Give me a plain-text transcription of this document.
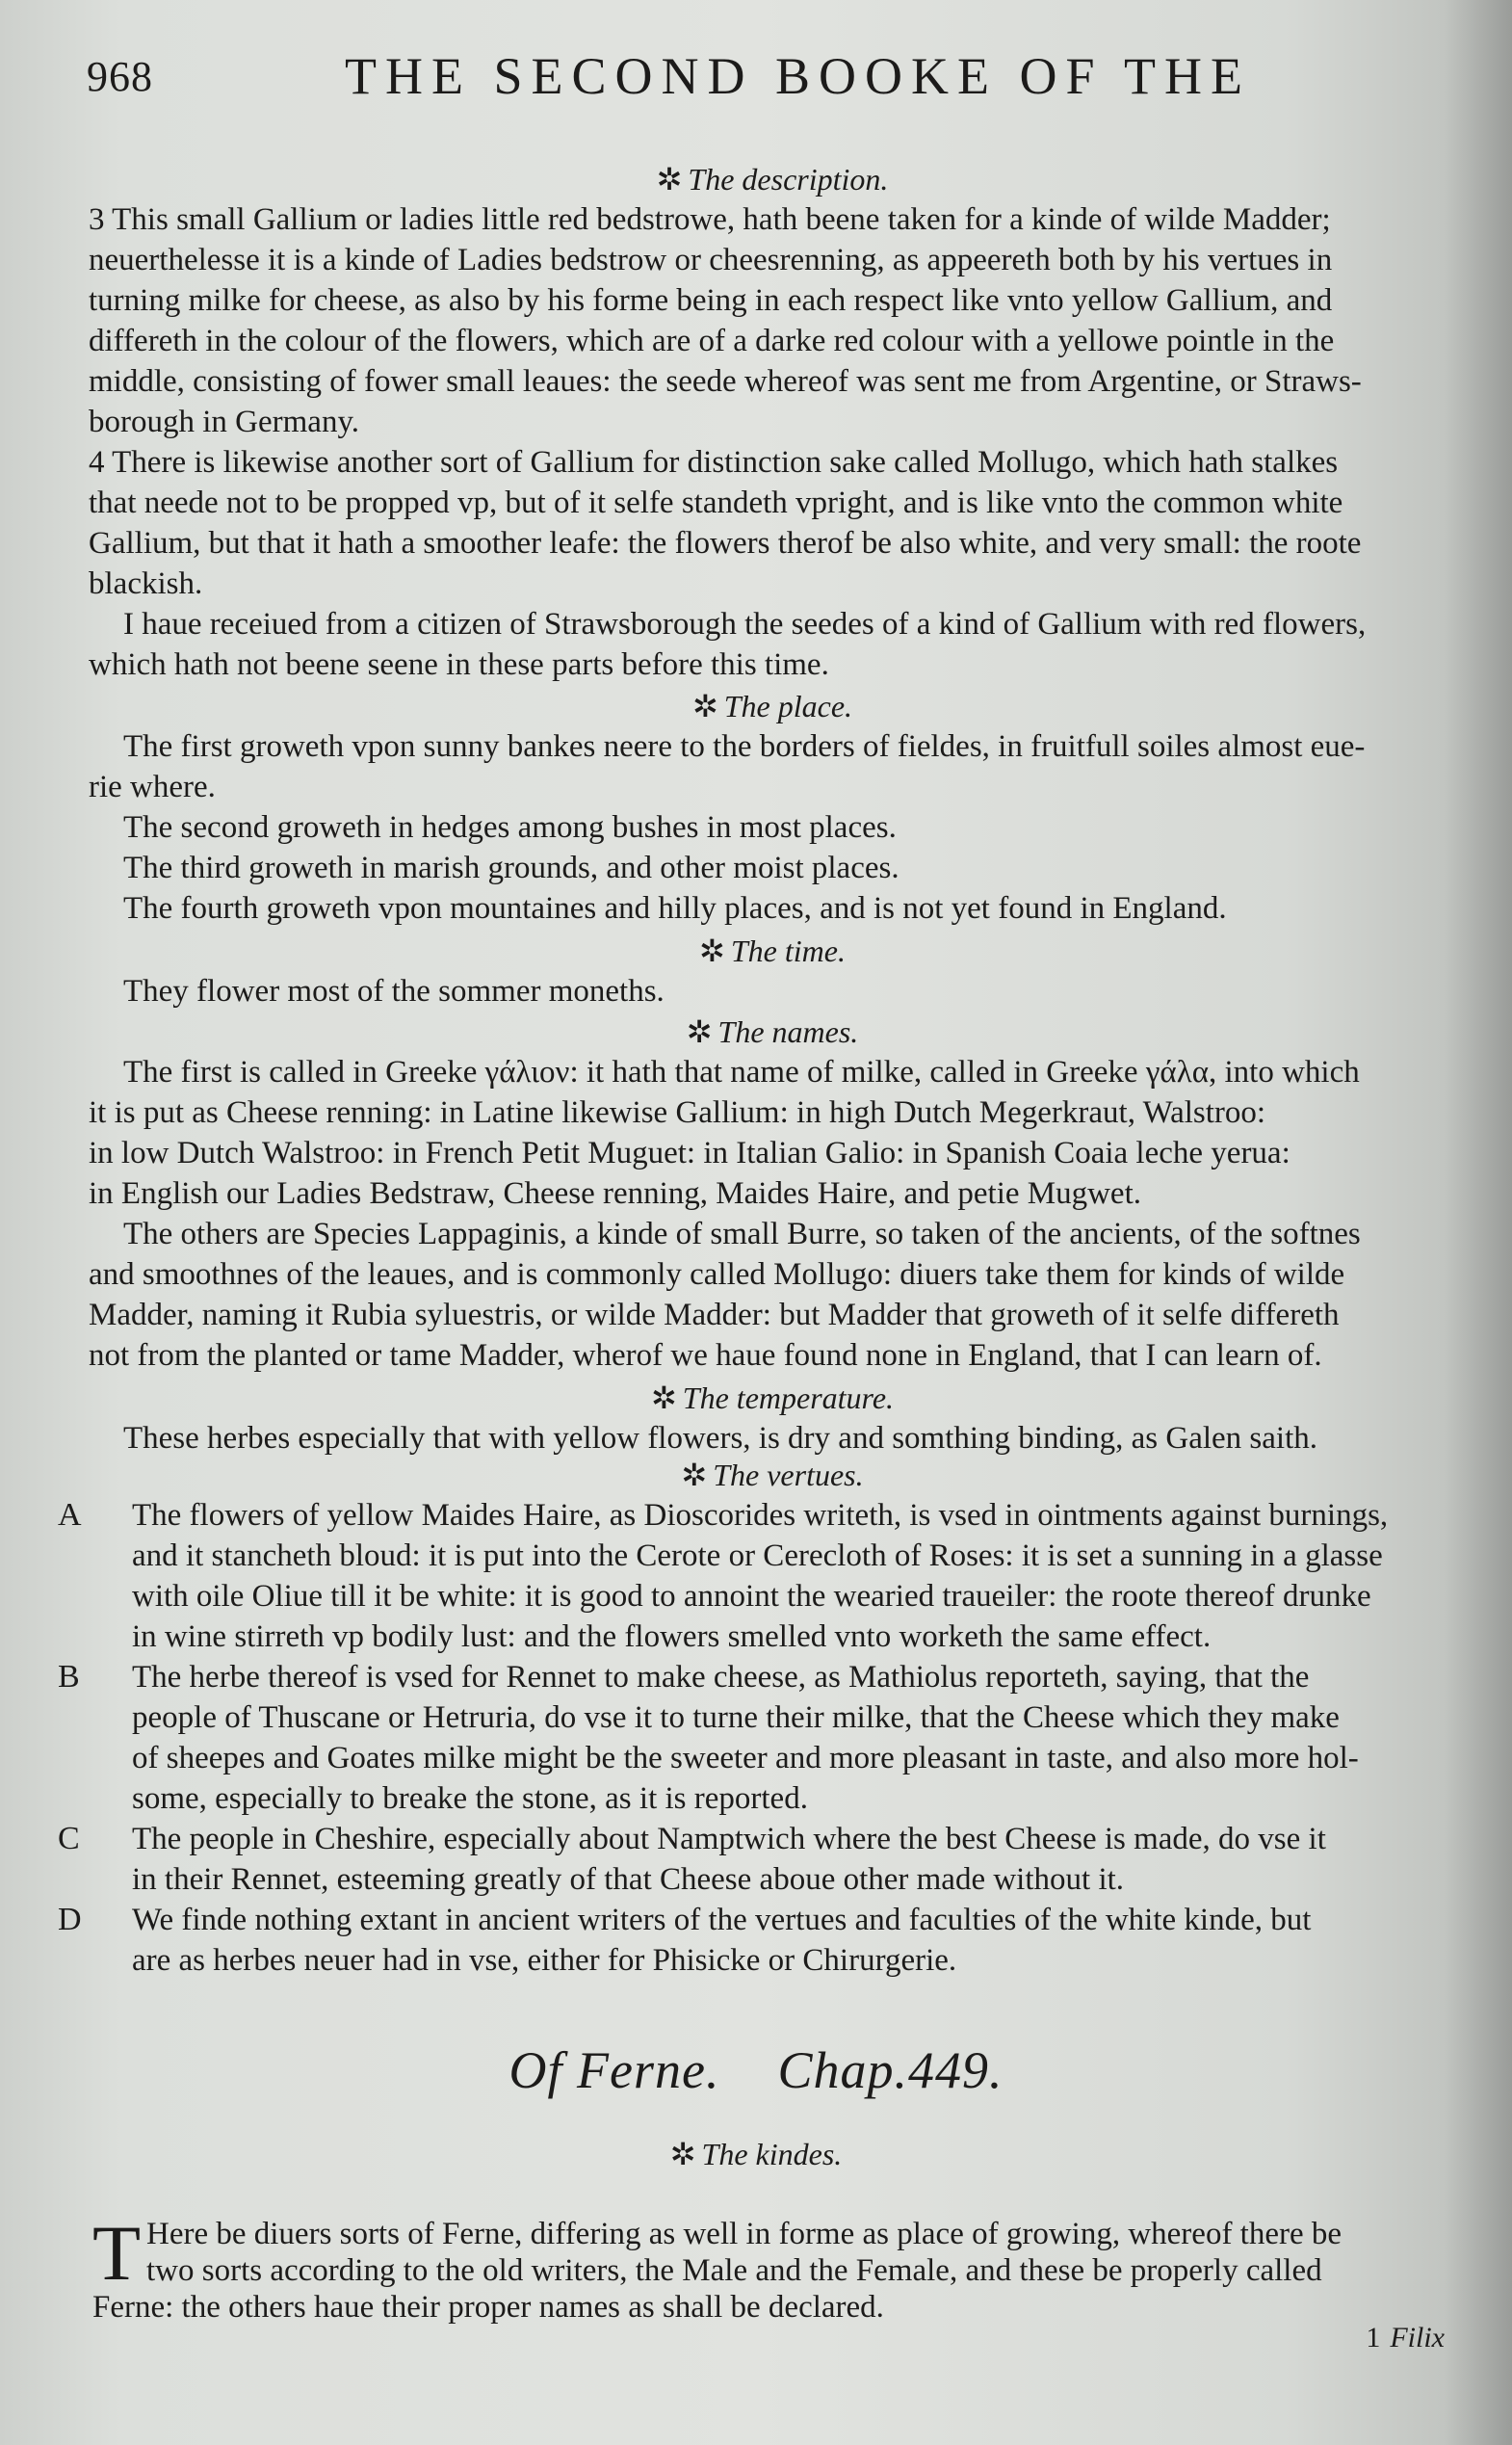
968	THE SECOND BOOKE OF THE
✲ The description.

3 This small Gallium or ladies little red bedstrowe, hath beene taken for a kinde of wilde Madder;

neuerthelesse it is a kinde of Ladies bedstrow or cheesrenning, as appeereth both by his vertues in

turning milke for cheese, as also by his forme being in each respect like vnto yellow Gallium, and

differeth in the colour of the flowers, which are of a darke red colour with a yellowe pointle in the

middle, consisting of fower small leaues: the seede whereof was sent me from Argentine, or Straws-

borough in Germany.

4 There is likewise another sort of Gallium for distinction sake called Mollugo, which hath stalkes

that neede not to be propped vp, but of it selfe standeth vpright, and is like vnto the common white

Gallium, but that it hath a smoother leafe: the flowers therof be also white, and very small: the roote

blackish.

I haue receiued from a citizen of Strawsborough the seedes of a kind of Gallium with red flowers,

which hath not beene seene in these parts before this time.

✲ The place.

The first groweth vpon sunny bankes neere to the borders of fieldes, in fruitfull soiles almost eue-

rie where.

The second groweth in hedges among bushes in most places.

The third groweth in marish grounds, and other moist places.

The fourth groweth vpon mountaines and hilly places, and is not yet found in England.

✲ The time.

They flower most of the sommer moneths.

✲ The names.

The first is called in Greeke γάλιον: it hath that name of milke, called in Greeke γάλα, into which

it is put as Cheese renning: in Latine likewise Gallium: in high Dutch Megerkraut, Walstroo:

in low Dutch Walstroo: in French Petit Muguet: in Italian Galio: in Spanish Coaia leche yerua:

in English our Ladies Bedstraw, Cheese renning, Maides Haire, and petie Mugwet.

The others are Species Lappaginis, a kinde of small Burre, so taken of the ancients, of the softnes

and smoothnes of the leaues, and is commonly called Mollugo: diuers take them for kinds of wilde

Madder, naming it Rubia syluestris, or wilde Madder: but Madder that groweth of it selfe differeth

not from the planted or tame Madder, wherof we haue found none in England, that I can learn of.

✲ The temperature.

These herbes especially that with yellow flowers, is dry and somthing binding, as Galen saith.

✲ The vertues.
A The flowers of yellow Maides Haire, as Dioscorides writeth, is vsed in ointments against burnings,

and it stancheth bloud: it is put into the Cerote or Cerecloth of Roses: it is set a sunning in a glasse

with oile Oliue till it be white: it is good to annoint the wearied traueiler: the roote thereof drunke

in wine stirreth vp bodily lust: and the flowers smelled vnto worketh the same effect.

B The herbe thereof is vsed for Rennet to make cheese, as Mathiolus reporteth, saying, that the

people of Thuscane or Hetruria, do vse it to turne their milke, that the Cheese which they make

of sheepes and Goates milke might be the sweeter and more pleasant in taste, and also more hol-

some, especially to breake the stone, as it is reported.

C The people in Cheshire, especially about Namptwich where the best Cheese is made, do vse it

in their Rennet, esteeming greatly of that Cheese aboue other made without it.

D We finde nothing extant in ancient writers of the vertues and faculties of the white kinde, but

are as herbes neuer had in vse, either for Phisicke or Chirurgerie.

Of Ferne. Chap.449.
✲ The kindes.
T Here be diuers sorts of Ferne, differing as well in forme as place of growing, whereof there be

two sorts according to the old writers, the Male and the Female, and these be properly called

Ferne: the others haue their proper names as shall be declared.

1 Filix
